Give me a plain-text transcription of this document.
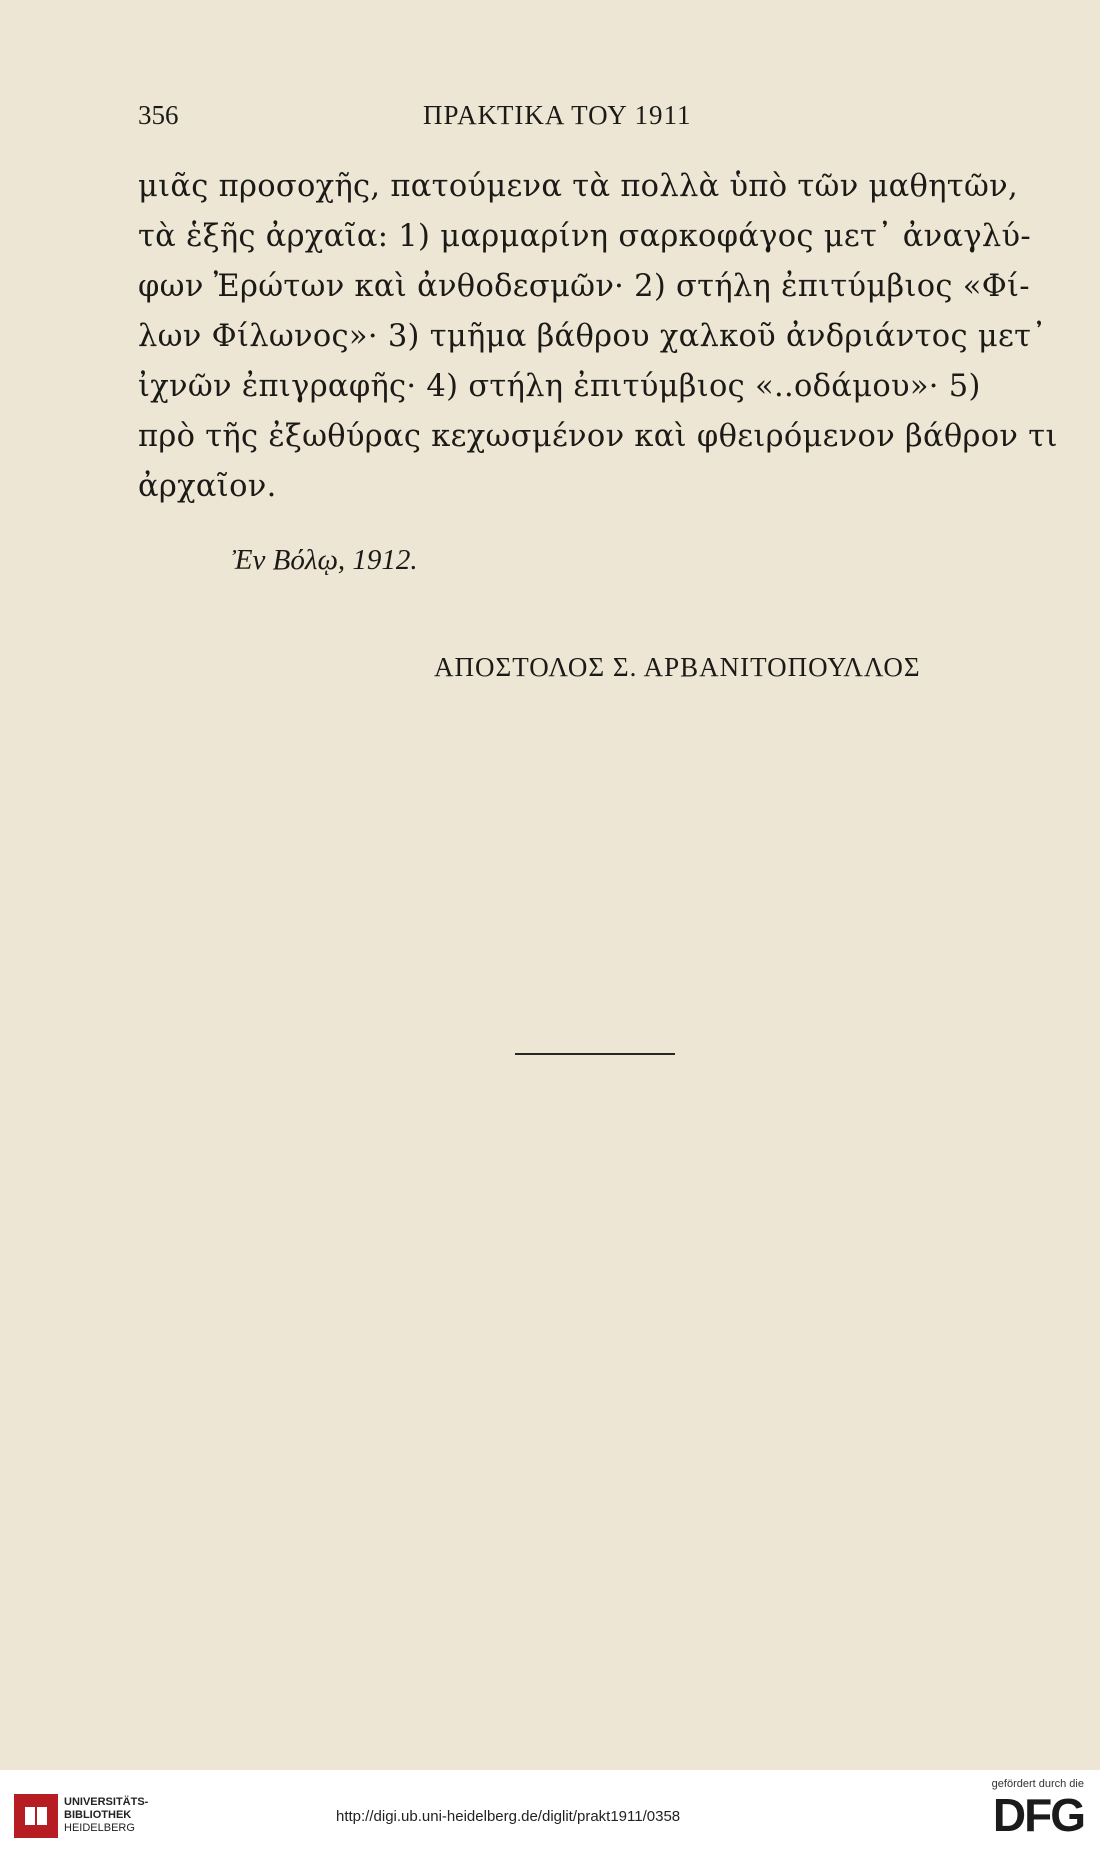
356	ΠΡΑΚΤΙΚΑ ΤΟΥ 1911
μιᾶς προσοχῆς, πατούμενα τὰ πολλὰ ὑπὸ τῶν μαθητῶν,
τὰ ἑξῆς ἀρχαῖα: 1) μαρμαρίνη σαρκοφάγος μετ᾽ ἀναγλύ-
φων Ἐρώτων καὶ ἀνθοδεσμῶν· 2) στήλη ἐπιτύμβιος «Φί-
λων Φίλωνος»· 3) τμῆμα βάθρου χαλκοῦ ἀνδριάντος μετ᾽
ἰχνῶν ἐπιγραφῆς· 4) στήλη ἐπιτύμβιος «..οδάμου»· 5)
πρὸ τῆς ἐξωθύρας κεχωσμένον καὶ φθειρόμενον βάθρον τι
ἀρχαῖον.
Ἐν Βόλῳ, 1912.
ΑΠΟΣΤΟΛΟΣ Σ. ΑΡΒΑΝΙΤΟΠΟΥΛΛΟΣ
UNIVERSITÄTS-
BIBLIOTHEK
HEIDELBERG
http://digi.ub.uni-heidelberg.de/diglit/prakt1911/0358
gefördert durch die
DFG
